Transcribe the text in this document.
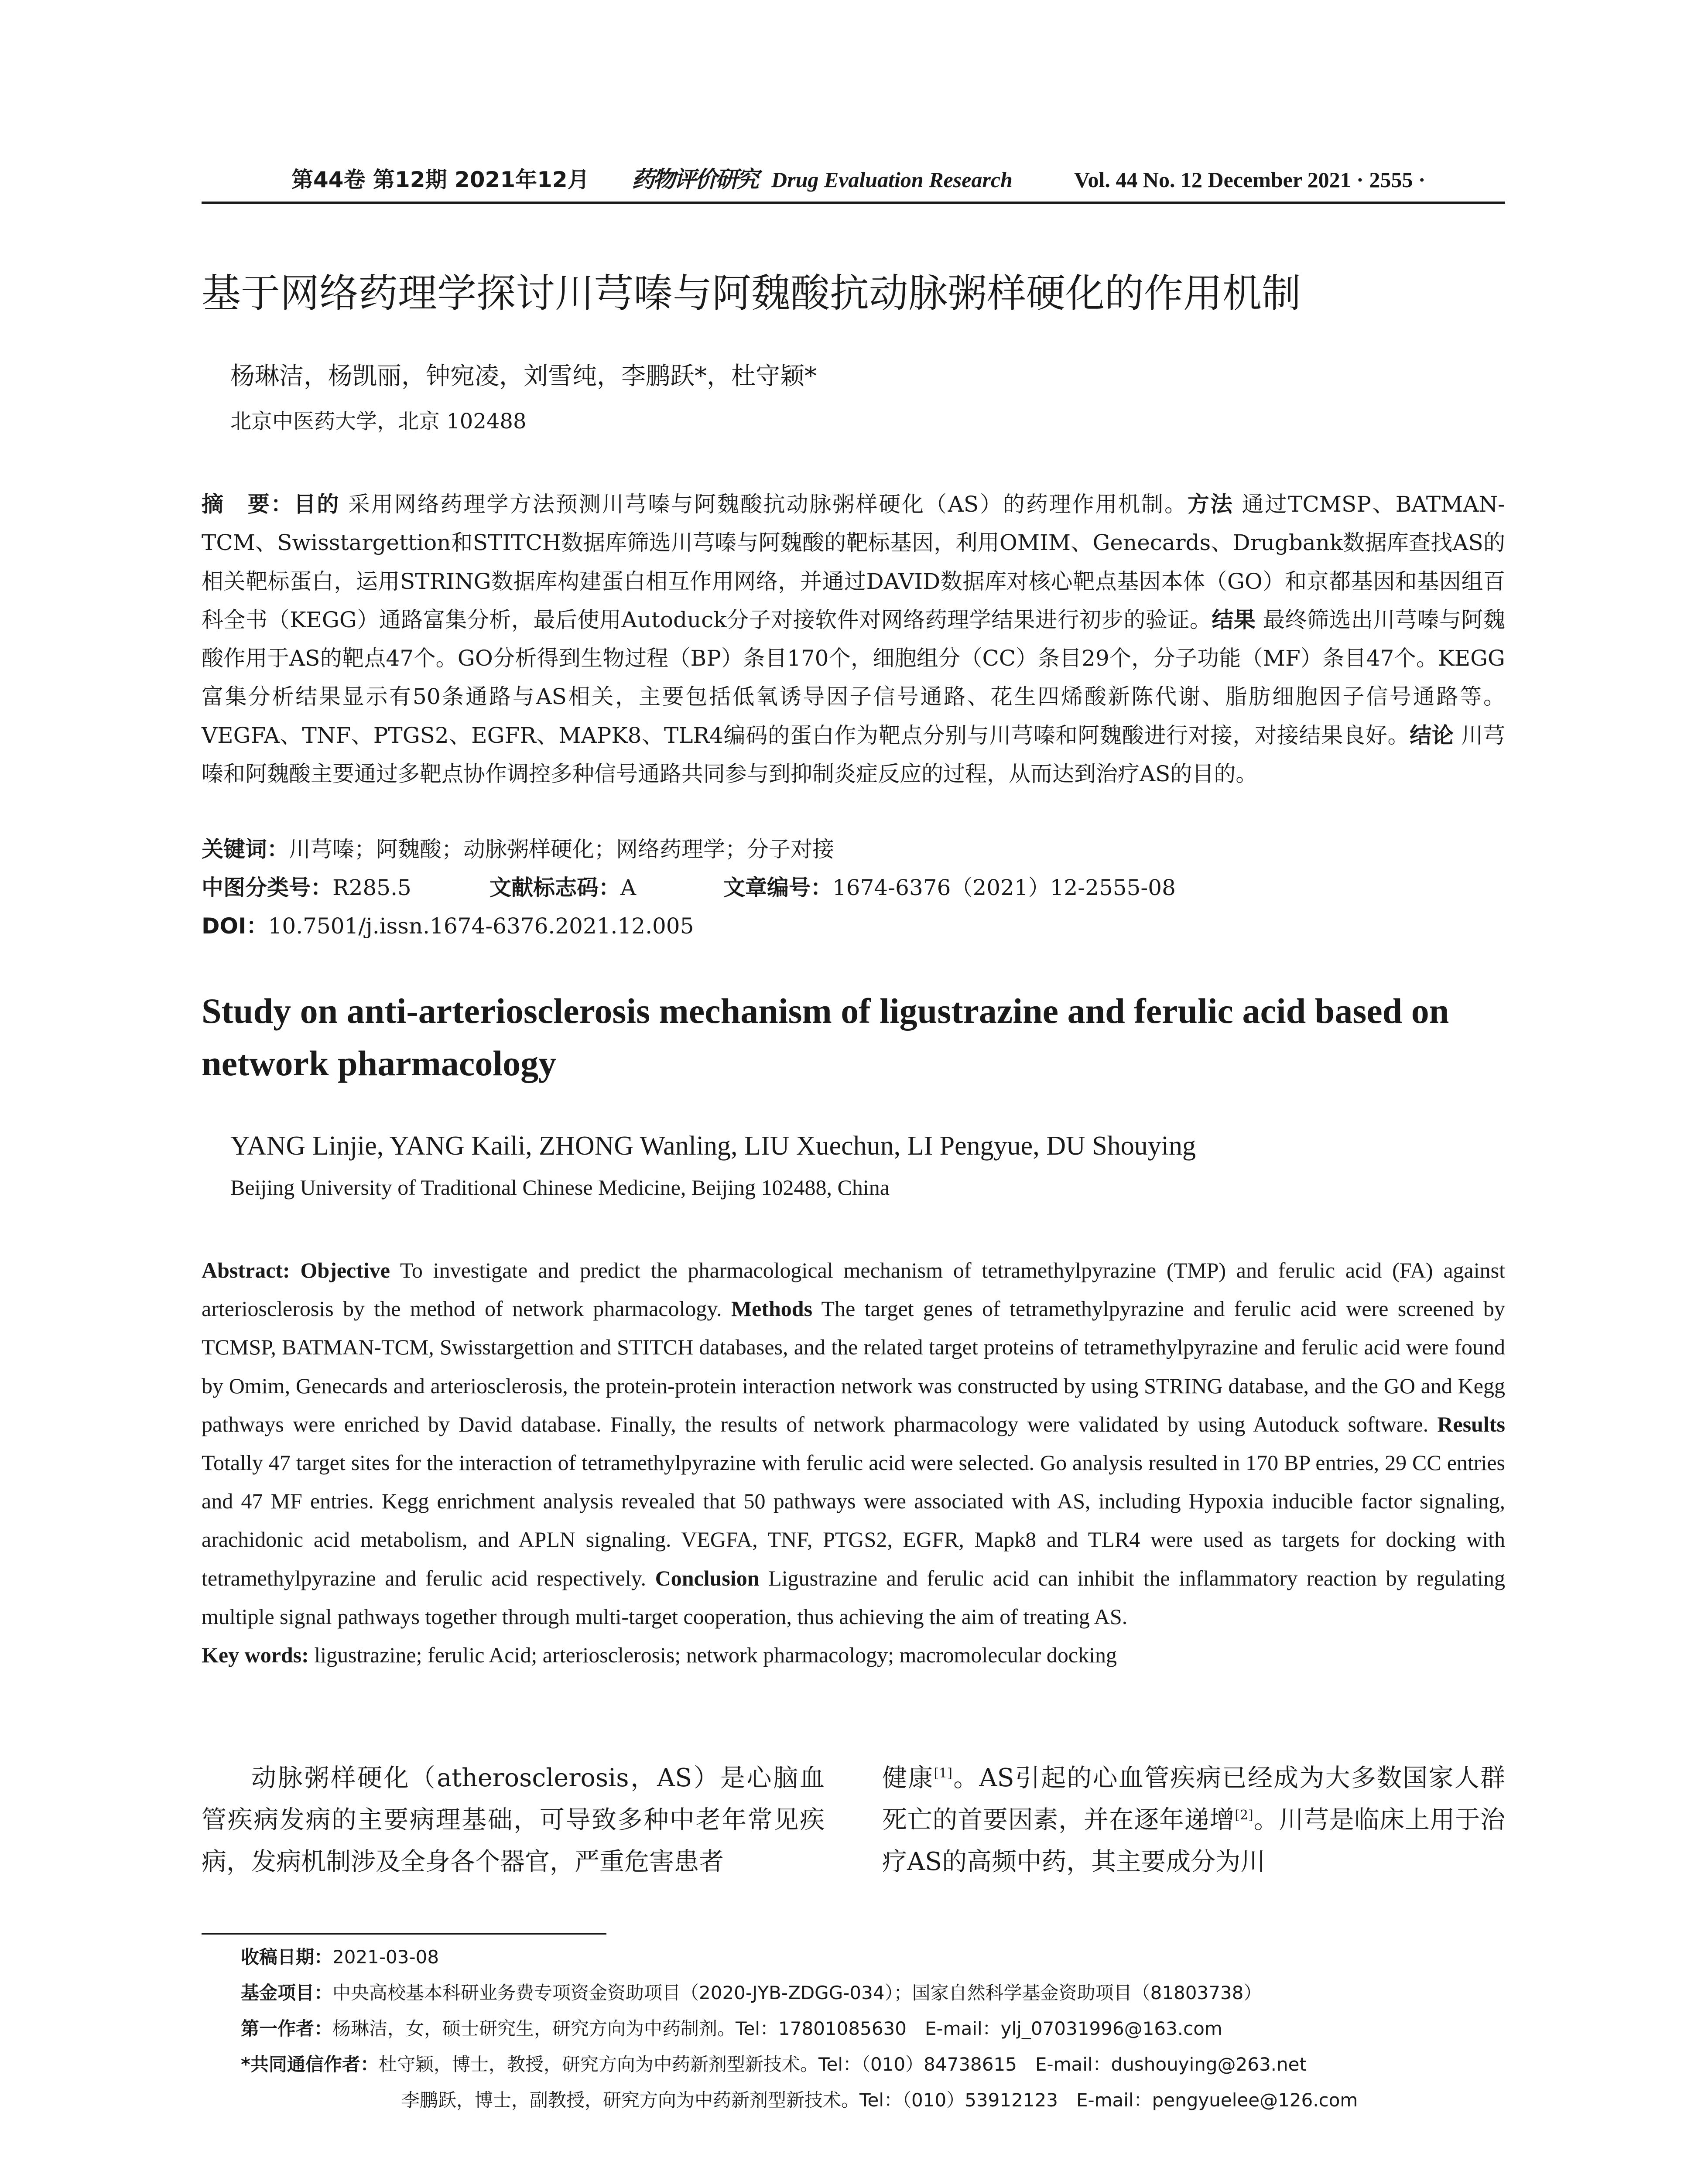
第44卷 第12期 2021年12月 药物评价研究 Drug Evaluation Research	Vol. 44 No. 12 December 2021 · 2555 ·
基于网络药理学探讨川芎嗪与阿魏酸抗动脉粥样硬化的作用机制
杨琳洁，杨凯丽，钟宛凌，刘雪纯，李鹏跃*，杜守颖*
北京中医药大学，北京 102488
摘　要：目的 采用网络药理学方法预测川芎嗪与阿魏酸抗动脉粥样硬化（AS）的药理作用机制。方法 通过TCMSP、BATMAN-TCM、Swisstargettion和STITCH数据库筛选川芎嗪与阿魏酸的靶标基因，利用OMIM、Genecards、Drugbank数据库查找AS的相关靶标蛋白，运用STRING数据库构建蛋白相互作用网络，并通过DAVID数据库对核心靶点基因本体（GO）和京都基因和基因组百科全书（KEGG）通路富集分析，最后使用Autoduck分子对接软件对网络药理学结果进行初步的验证。结果 最终筛选出川芎嗪与阿魏酸作用于AS的靶点47个。GO分析得到生物过程（BP）条目170个，细胞组分（CC）条目29个，分子功能（MF）条目47个。KEGG富集分析结果显示有50条通路与AS相关，主要包括低氧诱导因子信号通路、花生四烯酸新陈代谢、脂肪细胞因子信号通路等。VEGFA、TNF、PTGS2、EGFR、MAPK8、TLR4编码的蛋白作为靶点分别与川芎嗪和阿魏酸进行对接，对接结果良好。结论 川芎嗪和阿魏酸主要通过多靶点协作调控多种信号通路共同参与到抑制炎症反应的过程，从而达到治疗AS的目的。
关键词：川芎嗪；阿魏酸；动脉粥样硬化；网络药理学；分子对接
中图分类号：R285.5	文献标志码：A	文章编号：1674-6376（2021）12-2555-08
DOI：10.7501/j.issn.1674-6376.2021.12.005
Study on anti-arteriosclerosis mechanism of ligustrazine and ferulic acid based on network pharmacology
YANG Linjie, YANG Kaili, ZHONG Wanling, LIU Xuechun, LI Pengyue, DU Shouying
Beijing University of Traditional Chinese Medicine, Beijing 102488, China
Abstract: Objective To investigate and predict the pharmacological mechanism of tetramethylpyrazine (TMP) and ferulic acid (FA) against arteriosclerosis by the method of network pharmacology. Methods The target genes of tetramethylpyrazine and ferulic acid were screened by TCMSP, BATMAN-TCM, Swisstargettion and STITCH databases, and the related target proteins of tetramethylpyrazine and ferulic acid were found by Omim, Genecards and arteriosclerosis, the protein-protein interaction network was constructed by using STRING database, and the GO and Kegg pathways were enriched by David database. Finally, the results of network pharmacology were validated by using Autoduck software. Results Totally 47 target sites for the interaction of tetramethylpyrazine with ferulic acid were selected. Go analysis resulted in 170 BP entries, 29 CC entries and 47 MF entries. Kegg enrichment analysis revealed that 50 pathways were associated with AS, including Hypoxia inducible factor signaling, arachidonic acid metabolism, and APLN signaling. VEGFA, TNF, PTGS2, EGFR, Mapk8 and TLR4 were used as targets for docking with tetramethylpyrazine and ferulic acid respectively. Conclusion Ligustrazine and ferulic acid can inhibit the inflammatory reaction by regulating multiple signal pathways together through multi-target cooperation, thus achieving the aim of treating AS.
Key words: ligustrazine; ferulic Acid; arteriosclerosis; network pharmacology; macromolecular docking
动脉粥样硬化（atherosclerosis，AS）是心脑血管疾病发病的主要病理基础，可导致多种中老年常见疾病，发病机制涉及全身各个器官，严重危害患者
健康[1]。AS引起的心血管疾病已经成为大多数国家人群死亡的首要因素，并在逐年递增[2]。川芎是临床上用于治疗AS的高频中药，其主要成分为川
收稿日期：2021-03-08
基金项目：中央高校基本科研业务费专项资金资助项目（2020-JYB-ZDGG-034）；国家自然科学基金资助项目（81803738）
第一作者：杨琳洁，女，硕士研究生，研究方向为中药制剂。Tel：17801085630　E-mail：ylj_07031996@163.com
*共同通信作者：杜守颖，博士，教授，研究方向为中药新剂型新技术。Tel：（010）84738615　E-mail：dushouying@263.net
李鹏跃，博士，副教授，研究方向为中药新剂型新技术。Tel：（010）53912123　E-mail：pengyuelee@126.com
